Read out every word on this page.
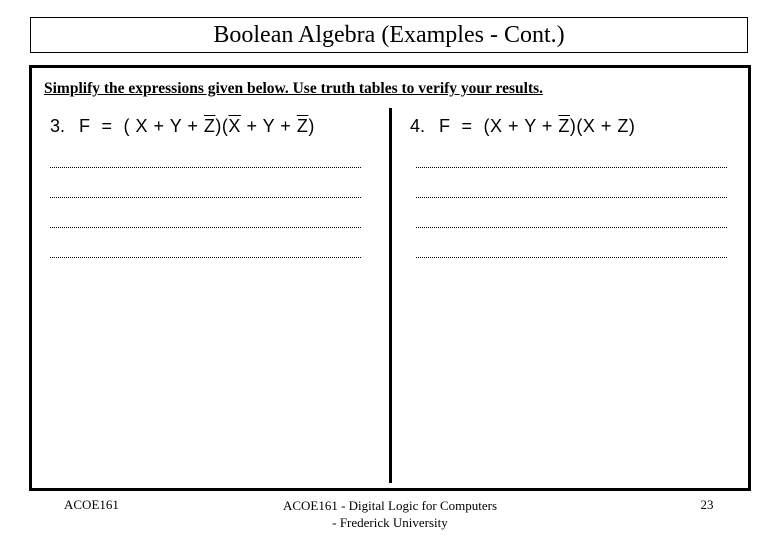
Boolean Algebra (Examples - Cont.)
Simplify the expressions given below. Use truth tables to verify your results.
3. F  =  ( $X + Y + \overline{Z})(\overline{X} + Y + \overline{Z})$	4. $F = (X + Y + \overline{Z})(X + Z)$
ACOE161	ACOE161 - Digital Logic for Computers
- Frederick University
23
